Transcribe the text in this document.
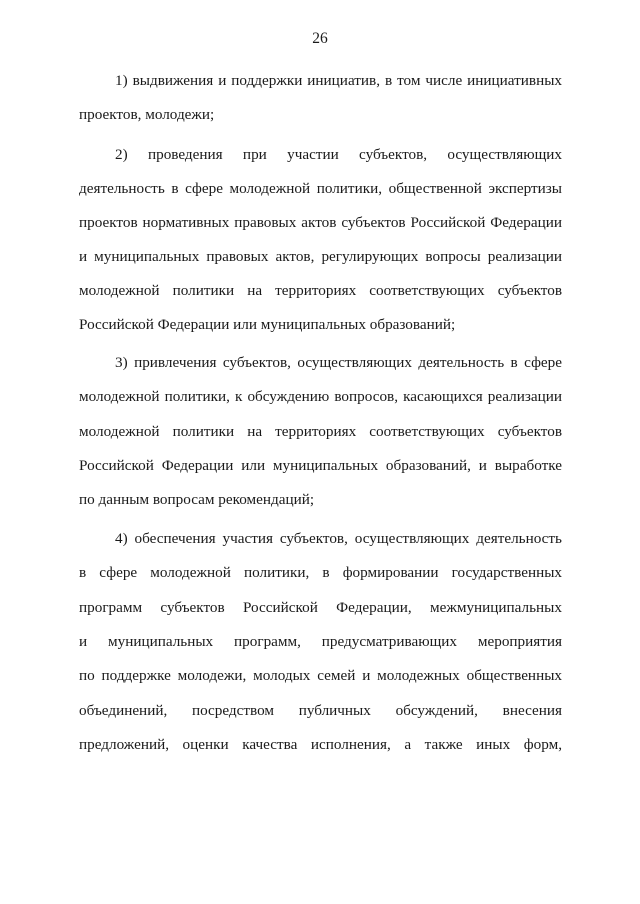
26
1) выдвижения и поддержки инициатив, в том числе инициативных
проектов, молодежи;
2) проведения при участии субъектов, осуществляющих
деятельность в сфере молодежной политики, общественной экспертизы
проектов нормативных правовых актов субъектов Российской Федерации
и муниципальных правовых актов, регулирующих вопросы реализации
молодежной политики на территориях соответствующих субъектов
Российской Федерации или муниципальных образований;
3) привлечения субъектов, осуществляющих деятельность в сфере
молодежной политики, к обсуждению вопросов, касающихся реализации
молодежной политики на территориях соответствующих субъектов
Российской Федерации или муниципальных образований, и выработке
по данным вопросам рекомендаций;
4) обеспечения участия субъектов, осуществляющих деятельность
в сфере молодежной политики, в формировании государственных
программ субъектов Российской Федерации, межмуниципальных
и муниципальных программ, предусматривающих мероприятия
по поддержке молодежи, молодых семей и молодежных общественных
объединений, посредством публичных обсуждений, внесения
предложений, оценки качества исполнения, а также иных форм,
